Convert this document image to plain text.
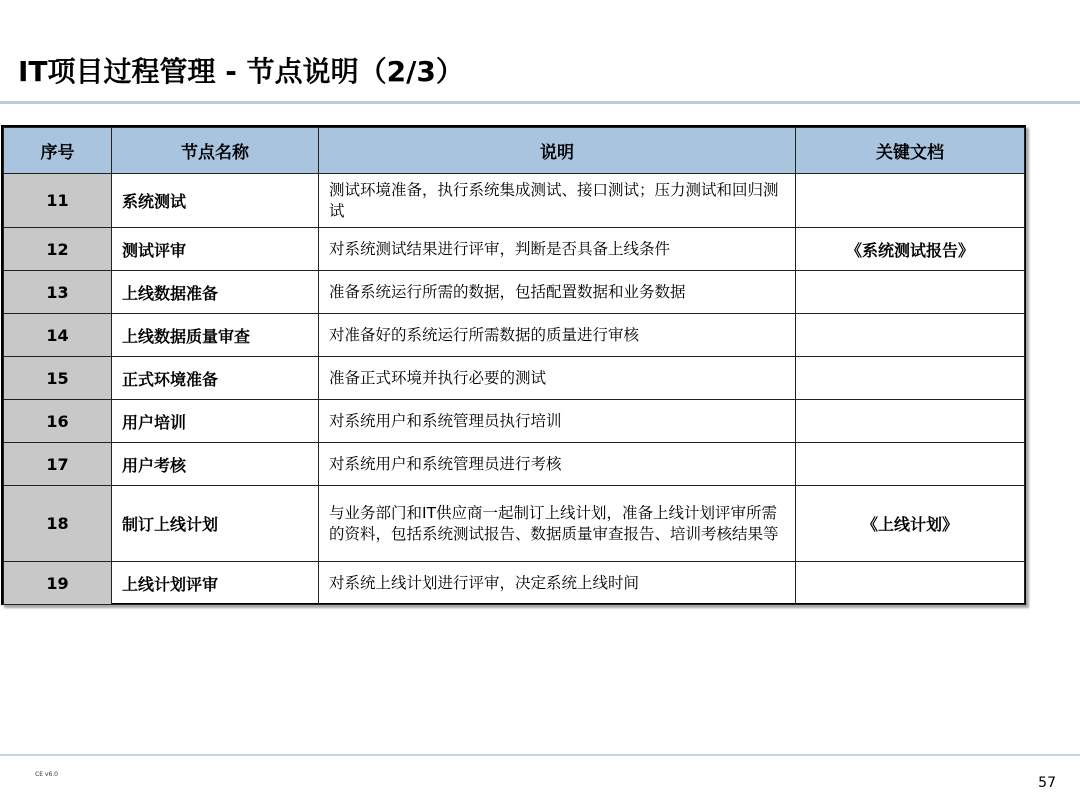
IT项目过程管理 - 节点说明（2/3）
序号	节点名称	说明	关键文档
11	系统测试	测试环境准备，执行系统集成测试、接口测试；压力测试和回归测试	
12	测试评审	对系统测试结果进行评审，判断是否具备上线条件	《系统测试报告》
13	上线数据准备	准备系统运行所需的数据，包括配置数据和业务数据	
14	上线数据质量审查	对准备好的系统运行所需数据的质量进行审核	
15	正式环境准备	准备正式环境并执行必要的测试	
16	用户培训	对系统用户和系统管理员执行培训	
17	用户考核	对系统用户和系统管理员进行考核	
18	制订上线计划	与业务部门和IT供应商一起制订上线计划，准备上线计划评审所需的资料，包括系统测试报告、数据质量审查报告、培训考核结果等	《上线计划》
19	上线计划评审	对系统上线计划进行评审，决定系统上线时间	
CE v6.0
57
